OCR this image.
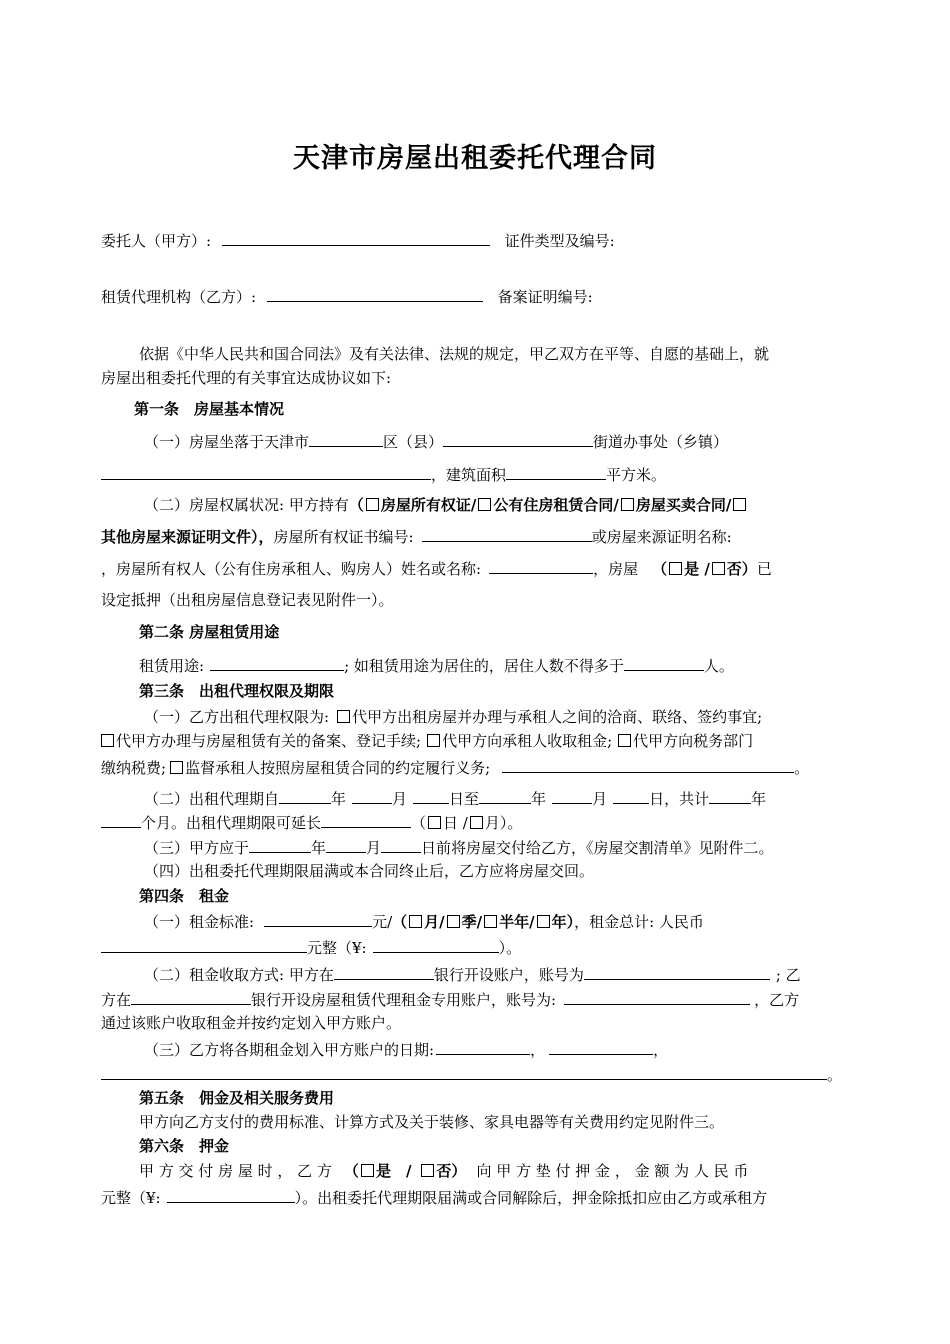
天津市房屋出租委托代理合同
委托人（甲方）:	证件类型及编号:
租赁代理机构（乙方）:	备案证明编号:
依据《中华人民共和国合同法》及有关法律、法规的规定，甲乙双方在平等、自愿的基础上，就
房屋出租委托代理的有关事宜达成协议如下:
第一条　房屋基本情况
（一）房屋坐落于天津市	区（县）	街道办事处（乡镇）
，建筑面积	平方米。
（二）房屋权属状况: 甲方持有（ 房屋所有权证/ 公有住房租赁合同/ 房屋买卖合同/
其他房屋来源证明文件），房屋所有权证书编号:	或房屋来源证明名称:
，房屋所有权人（公有住房承租人、购房人）姓名或名称:	，房屋 （ 是 / 否）已
设定抵押（出租房屋信息登记表见附件一）。
第二条 房屋租赁用途
租赁用途:	; 如租赁用途为居住的，居住人数不得多于	人。
第三条　出租代理权限及期限
（一）乙方出租代理权限为: 代甲方出租房屋并办理与承租人之间的洽商、联络、签约事宜;
代甲方办理与房屋租赁有关的备案、登记手续; 代甲方向承租人收取租金; 代甲方向税务部门
缴纳税费; 监督承租人按照房屋租赁合同的约定履行义务;	。
（二）出租代理期自	年	月	日至	年	月	日，共计	年
个月。出租代理期限可延长	（ 日 / 月）。
（三）甲方应于	年	月	日前将房屋交付给乙方，《房屋交割清单》见附件二。
（四）出租委托代理期限届满或本合同终止后，乙方应将房屋交回。
第四条　租金
（一）租金标准:	元/（ 月/ 季/ 半年/ 年），租金总计: 人民币
元整（¥:	）。
（二）租金收取方式: 甲方在	银行开设账户，账号为	; 乙
方在	银行开设房屋租赁代理租金专用账户，账号为:	，乙方
通过该账户收取租金并按约定划入甲方账户。
（三）乙方将各期租金划入甲方账户的日期:	，	，
。
第五条　佣金及相关服务费用
甲方向乙方支付的费用标准、计算方式及关于装修、家具电器等有关费用约定见附件三。
第六条　押金
甲 方 交 付 房 屋 时 ， 乙 方 （ 是　/ 否） 向 甲 方 垫 付 押 金 ， 金 额 为 人 民 币
元整（¥:	）。出租委托代理期限届满或合同解除后，押金除抵扣应由乙方或承租方
